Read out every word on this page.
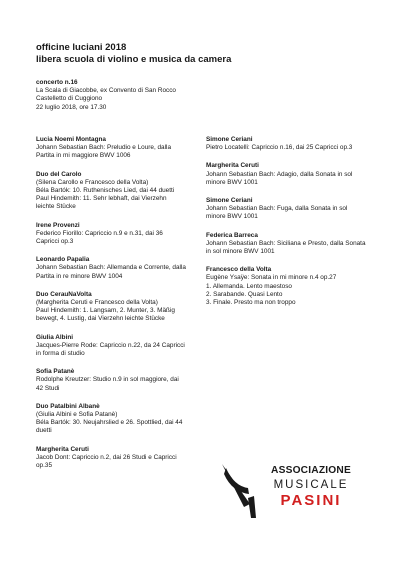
officine luciani 2018
libera scuola di violino e musica da camera
concerto n.16
La Scala di Giacobbe, ex Convento di San Rocco
Castelletto di Cuggiono
22 luglio 2018, ore 17.30
Lucia Noemi Montagna
Johann Sebastian Bach: Preludio e Loure, dalla Partita in mi maggiore BWV 1006
Duo del Carolo
(Silena Carollo e Francesco della Volta)
Béla Bartók: 10. Ruthenisches Lied, dai 44 duetti
Paul Hindemith: 11. Sehr lebhaft, dai Vierzehn leichte Stücke
Irene Provenzi
Federico Fiorillo: Capriccio n.9 e n.31, dai 36 Capricci op.3
Leonardo Papalia
Johann Sebastian Bach: Allemanda e Corrente, dalla Partita in re minore BWV 1004
Duo CerauNaVolta
(Margherita Ceruti e Francesco della Volta)
Paul Hindemith: 1. Langsam, 2. Munter, 3. Mäßig bewegt, 4. Lustig, dai Vierzehn leichte Stücke
Giulia Albini
Jacques-Pierre Rode: Capriccio n.22, da 24 Capricci in forma di studio
Sofia Patanè
Rodolphe Kreutzer: Studio n.9 in sol maggiore, dai 42 Studi
Duo Patalbini Albanè
(Giulia Albini e Sofia Patanè)
Béla Bartók: 30. Neujahrslied e 26. Spottlied, dai 44 duetti
Margherita Ceruti
Jacob Dont: Capriccio n.2, dai 26 Studi e Capricci op.35
Simone Ceriani
Pietro Locatelli: Capriccio n.16, dai 25 Capricci op.3
Margherita Ceruti
Johann Sebastian Bach: Adagio, dalla Sonata in sol minore BWV 1001
Simone Ceriani
Johann Sebastian Bach: Fuga, dalla Sonata in sol minore BWV 1001
Federica Barreca
Johann Sebastian Bach: Siciliana e Presto, dalla Sonata in sol minore BWV 1001
Francesco della Volta
Eugène Ysaÿe: Sonata in mi minore n.4 op.27
1. Allemanda. Lento maestoso
2. Sarabande. Quasi Lento
3. Finale. Presto ma non troppo
ASSOCIAZIONE
MUSICALE
PASINI
